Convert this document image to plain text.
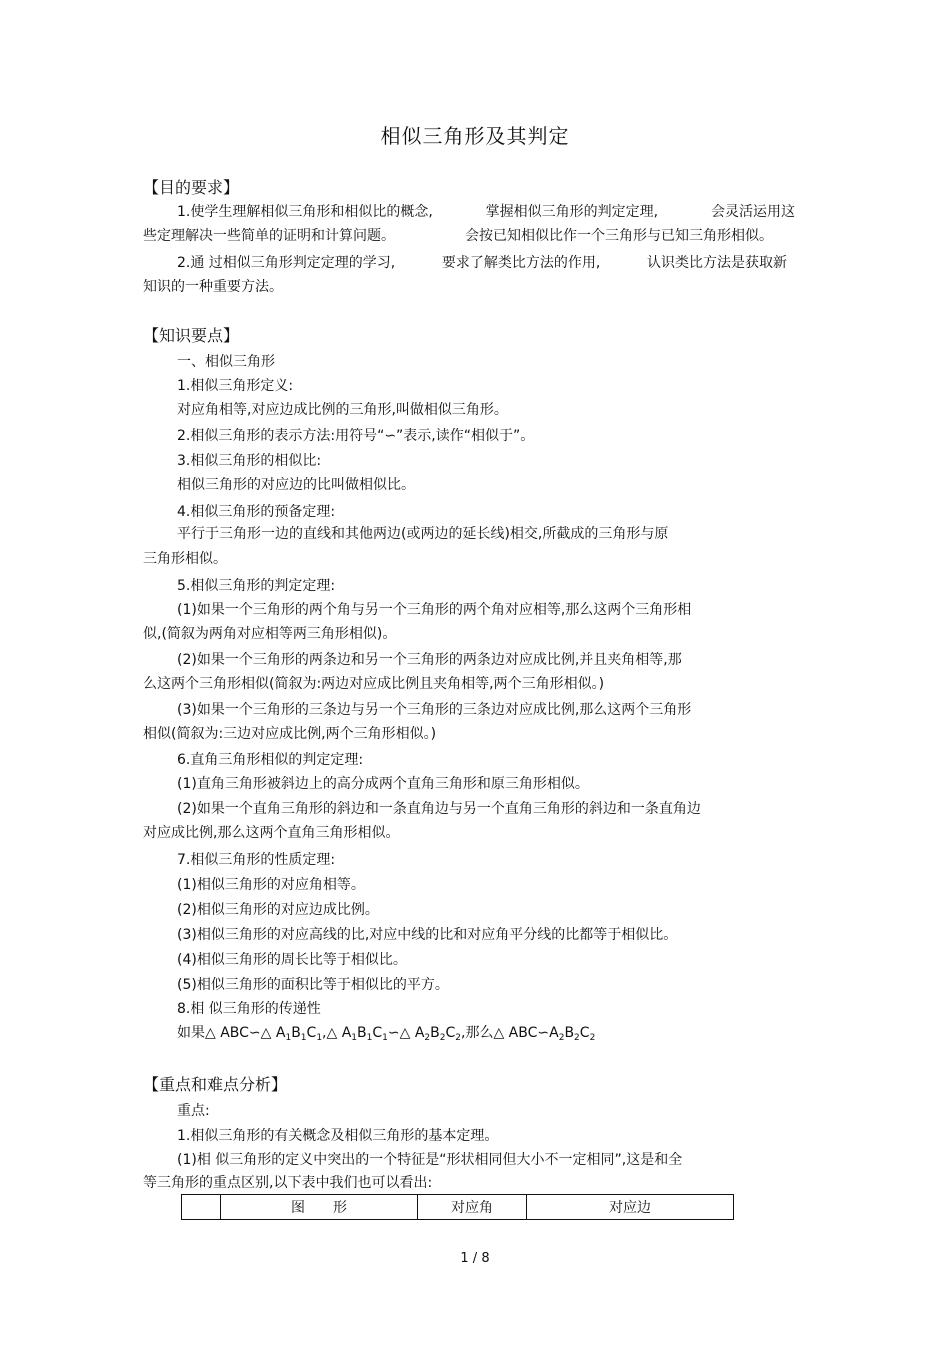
相似三角形及其判定
【目的要求】
1.使学生理解相似三角形和相似比的概念,	掌握相似三角形的判定定理,	会灵活运用这
些定理解决一些简单的证明和计算问题。	会按已知相似比作一个三角形与已知三角形相似。
2.通 过相似三角形判定定理的学习,	要求了解类比方法的作用,	认识类比方法是获取新
知识的一种重要方法。
【知识要点】
一、相似三角形
1.相似三角形定义:
对应角相等,对应边成比例的三角形,叫做相似三角形。
2.相似三角形的表示方法:用符号“∽”表示,读作“相似于”。
3.相似三角形的相似比:
相似三角形的对应边的比叫做相似比。
4.相似三角形的预备定理:
平行于三角形一边的直线和其他两边(或两边的延长线)相交,所截成的三角形与原
三角形相似。
5.相似三角形的判定定理:
(1)如果一个三角形的两个角与另一个三角形的两个角对应相等,那么这两个三角形相
似,(简叙为两角对应相等两三角形相似)。
(2)如果一个三角形的两条边和另一个三角形的两条边对应成比例,并且夹角相等,那
么这两个三角形相似(简叙为:两边对应成比例且夹角相等,两个三角形相似。)
(3)如果一个三角形的三条边与另一个三角形的三条边对应成比例,那么这两个三角形
相似(简叙为:三边对应成比例,两个三角形相似。)
6.直角三角形相似的判定定理:
(1)直角三角形被斜边上的高分成两个直角三角形和原三角形相似。
(2)如果一个直角三角形的斜边和一条直角边与另一个直角三角形的斜边和一条直角边
对应成比例,那么这两个直角三角形相似。
7.相似三角形的性质定理:
(1)相似三角形的对应角相等。
(2)相似三角形的对应边成比例。
(3)相似三角形的对应高线的比,对应中线的比和对应角平分线的比都等于相似比。
(4)相似三角形的周长比等于相似比。
(5)相似三角形的面积比等于相似比的平方。
8.相 似三角形的传递性
如果△ ABC∽△ $A_1B_1C_1,\triangle$ $A_1B_1C_1∽\triangle$ $A_2B_2C_2$,那么△ $ABC∽A_2B_2C_2$
【重点和难点分析】
重点:
1.相似三角形的有关概念及相似三角形的基本定理。
(1)相 似三角形的定义中突出的一个特征是“形状相同但大小不一定相同”,这是和全
等三角形的重点区别,以下表中我们也可以看出:
	图　　形	对应角	对应边
1 / 8
